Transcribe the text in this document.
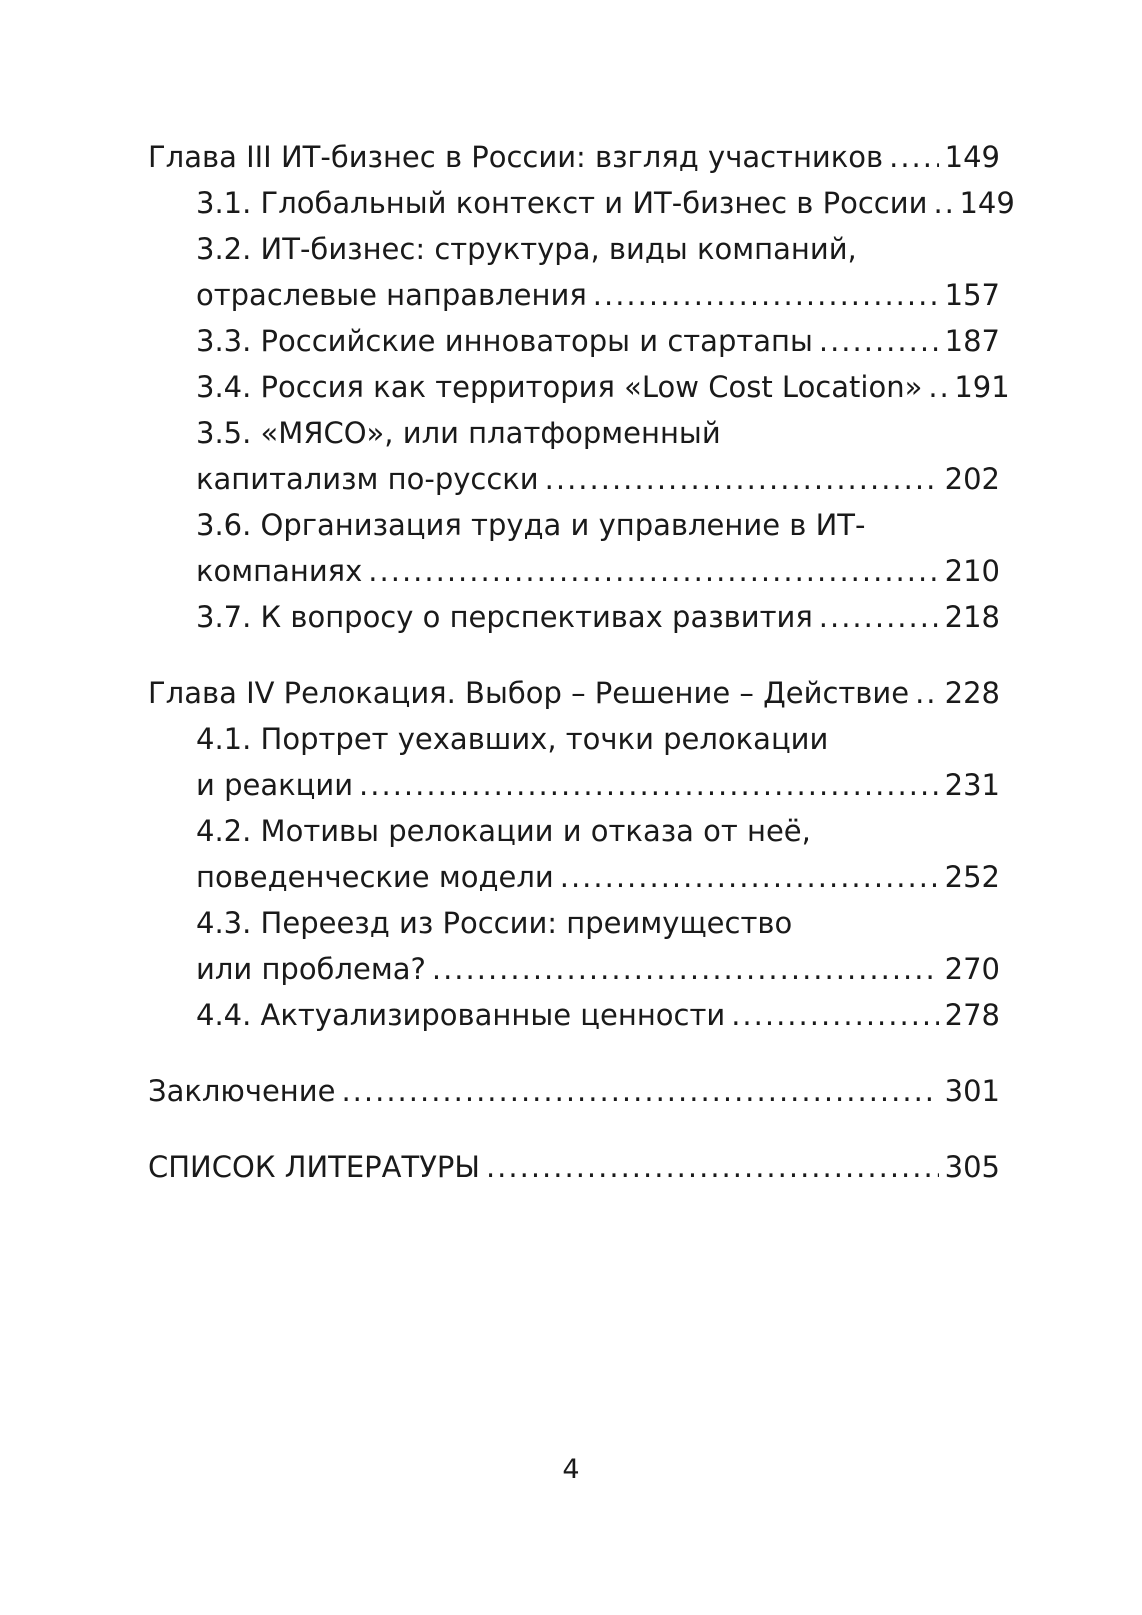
Глава III ИТ-бизнес в России: взгляд участников ..... 149
3.1. Глобальный контекст и ИТ-бизнес в России ..... 149
3.2. ИТ-бизнес: структура, виды компаний,
отраслевые направления .....	157
3.3. Российские инноваторы и стартапы .....	187
3.4. Россия как территория «Low Cost Location» ..... 191
3.5. «МЯСО», или платформенный
капитализм по-русски .....	202
3.6. Организация труда и управление в ИТ-
компаниях .....	210
3.7. К вопросу о перспективах развития .....	218
Глава IV Релокация. Выбор – Решение – Действие ..... 228
4.1. Портрет уехавших, точки релокации
и реакции .....	231
4.2. Мотивы релокации и отказа от неё,
поведенческие модели .....	252
4.3. Переезд из России: преимущество
или проблема? .....	270
4.4. Актуализированные ценности .....	278
Заключение .....	301
СПИСОК ЛИТЕРАТУРЫ .....	305
4
